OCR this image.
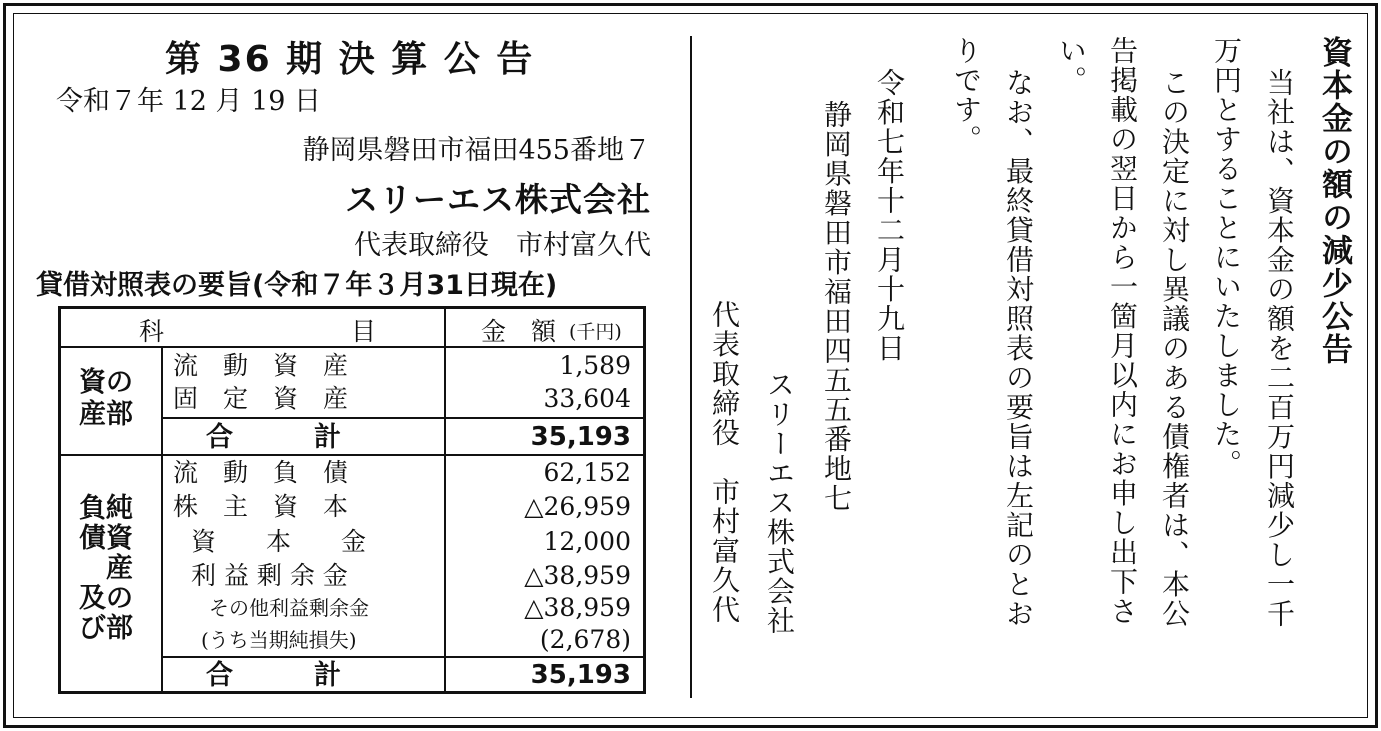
第 36 期 決 算 公 告
令和７年 12 月 19 日
静岡県磐田市福田455番地７
スリーエス株式会社
代表取締役　市村富久代
貸借対照表の要旨(令和７年３月31日現在)
科	目	金　額 (千円)
資の
産部
流　動　資　産	1,589
固　定　資　産	33,604
合　　　計	35,193
負純
債資
　産
及の
び部
流　動　負　債	62,152
株　主　資　本	△26,959
資　　本　　金	12,000
利 益 剰 余 金	△38,959
その他利益剰余金	△38,959
(うち当期純損失)	(2,678)
合　　　計	35,193
資本金の額の減少公告
当社は、資本金の額を二百万円減少し一千
万円とすることにいたしました。
この決定に対し異議のある債権者は、本公
告掲載の翌日から一箇月以内にお申し出下さ
い。
なお、最終貸借対照表の要旨は左記のとお
りです。
令和七年十二月十九日
静岡県磐田市福田四五五番地七
スリーエス株式会社
代表取締役　市村富久代
